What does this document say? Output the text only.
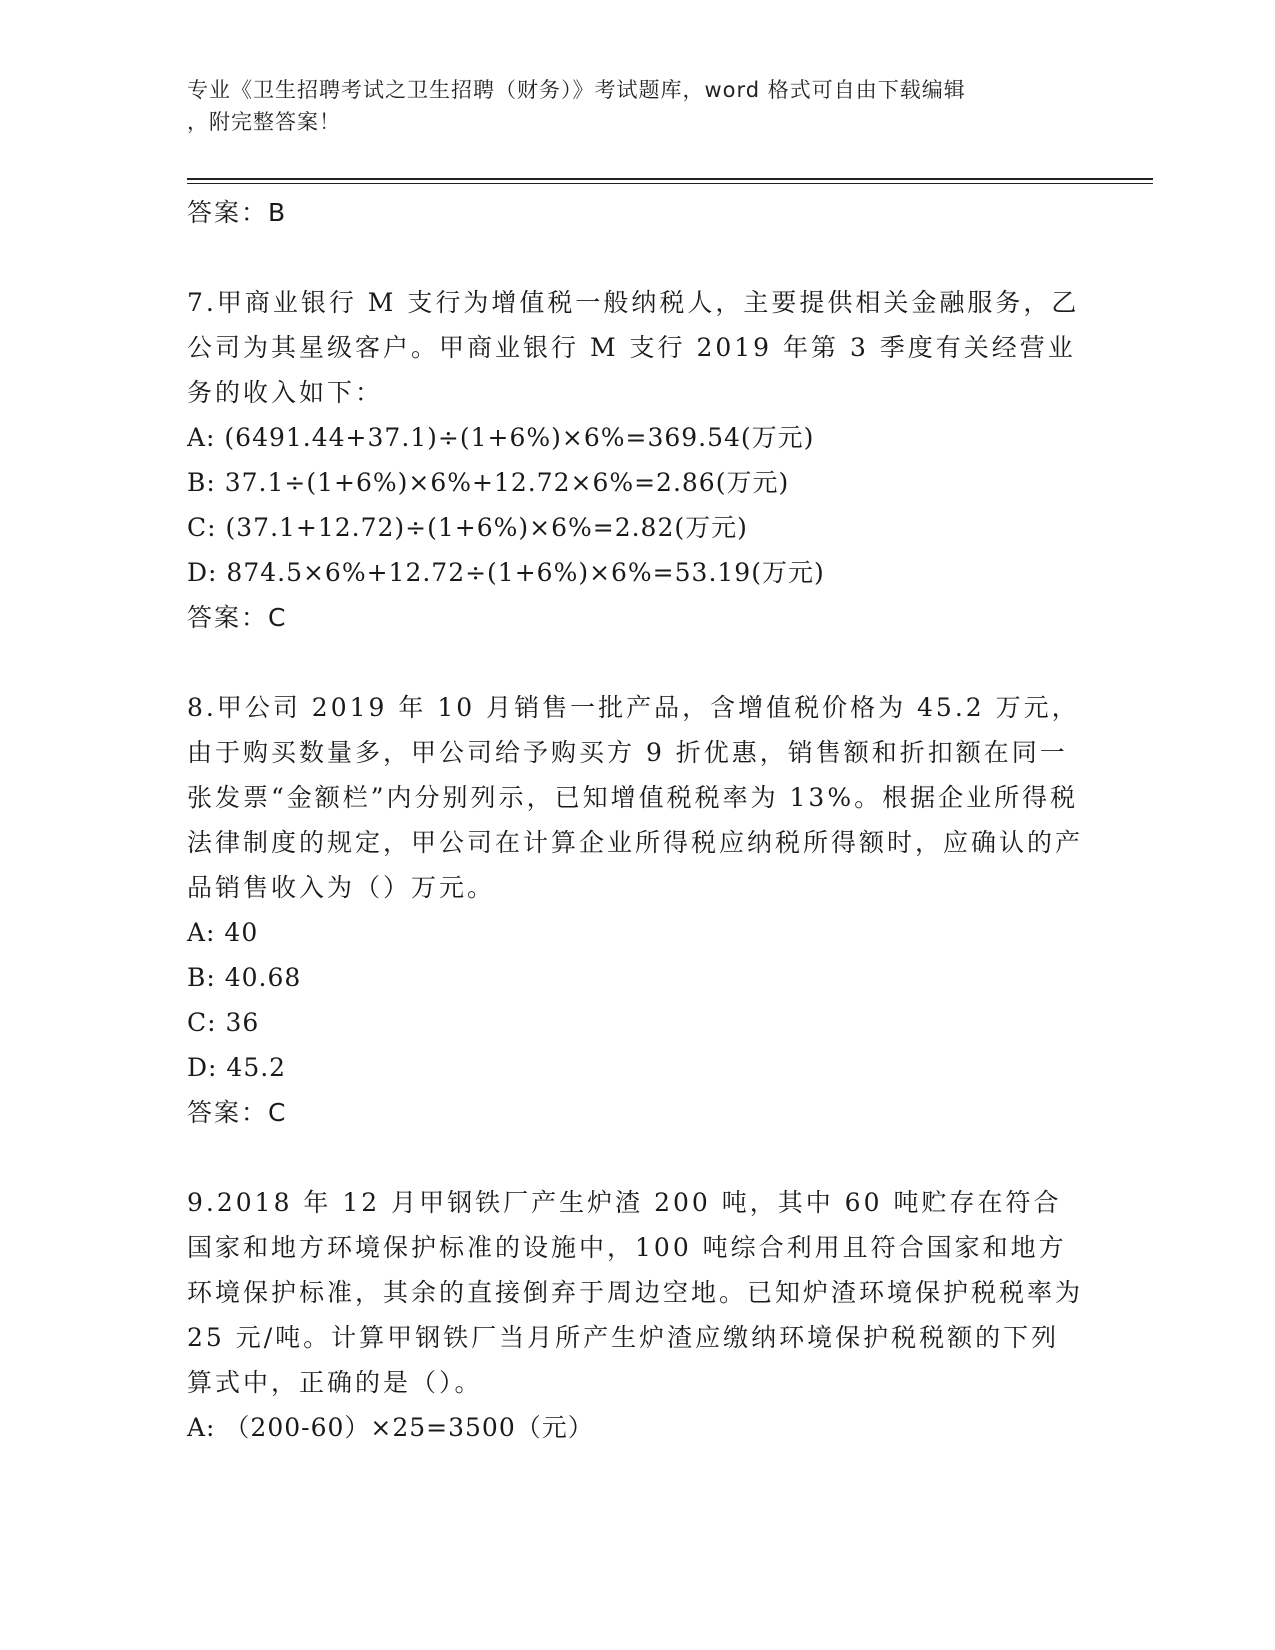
专业《卫生招聘考试之卫生招聘（财务）》考试题库，word 格式可自由下载编辑
，附完整答案！
答案：B
7.甲商业银行 M 支行为增值税一般纳税人，主要提供相关金融服务，乙公司为其星级客户。甲商业银行 M 支行 2019 年第 3 季度有关经营业务的收入如下：
A: (6491.44+37.1)÷(1+6%)×6%=369.54(万元)
B: 37.1÷(1+6%)×6%+12.72×6%=2.86(万元)
C: (37.1+12.72)÷(1+6%)×6%=2.82(万元)
D: 874.5×6%+12.72÷(1+6%)×6%=53.19(万元)
答案：C
8.甲公司 2019 年 10 月销售一批产品，含增值税价格为 45.2 万元，由于购买数量多，甲公司给予购买方 9 折优惠，销售额和折扣额在同一张发票“金额栏”内分别列示，已知增值税税率为 13%。根据企业所得税法律制度的规定，甲公司在计算企业所得税应纳税所得额时，应确认的产品销售收入为（）万元。
A: 40
B: 40.68
C: 36
D: 45.2
答案：C
9.2018 年 12 月甲钢铁厂产生炉渣 200 吨，其中 60 吨贮存在符合国家和地方环境保护标准的设施中，100 吨综合利用且符合国家和地方环境保护标准，其余的直接倒弃于周边空地。已知炉渣环境保护税税率为 25 元/吨。计算甲钢铁厂当月所产生炉渣应缴纳环境保护税税额的下列算式中，正确的是（）。
A: （200-60）×25=3500（元）
